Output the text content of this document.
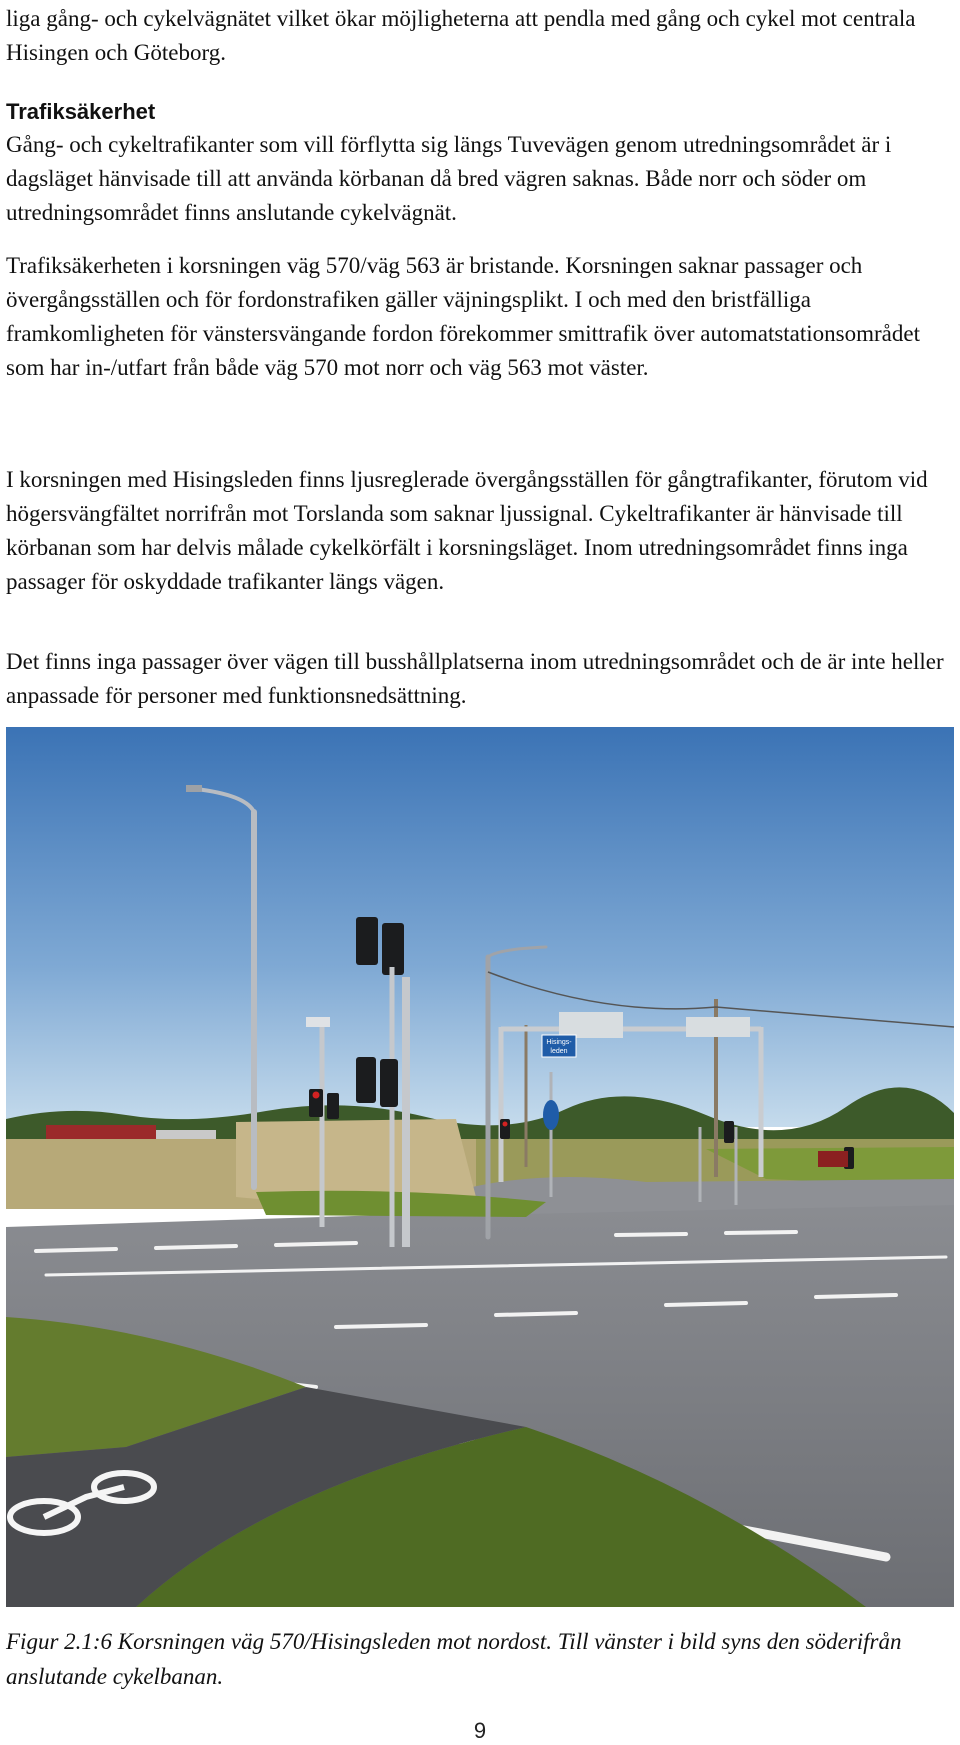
liga gång- och cykelvägnätet vilket ökar möjligheterna att pendla med gång och cykel mot centrala Hisingen och Göteborg.

Trafiksäkerhet

Gång- och cykeltrafikanter som vill förflytta sig längs Tuvevägen genom utredningsområdet är i dagsläget hänvisade till att använda körbanan då bred vägren saknas. Både norr och söder om utredningsområdet finns anslutande cykelvägnät.

Trafiksäkerheten i korsningen väg 570/väg 563 är bristande. Korsningen saknar passager och övergångsställen och för fordonstrafiken gäller väjningsplikt. I och med den bristfälliga framkomligheten för vänstersvängande fordon förekommer smittrafik över automatstationsområdet som har in-/utfart från både väg 570 mot norr och väg 563 mot väster.

I korsningen med Hisingsleden finns ljusreglerade övergångsställen för gångtrafikanter, förutom vid högersvängfältet norrifrån mot Torslanda som saknar ljussignal. Cykeltrafikanter är hänvisade till körbanan som har delvis målade cykelkörfält i korsningsläget. Inom utredningsområdet finns inga passager för oskyddade trafikanter längs vägen.

Det finns inga passager över vägen till busshållplatserna inom utredningsområdet och de är inte heller anpassade för personer med funktionsnedsättning.

Hisings-
leden

Figur 2.1:6 Korsningen väg 570/Hisingsleden mot nordost. Till vänster i bild syns den söderifrån anslutande cykelbanan.

9
